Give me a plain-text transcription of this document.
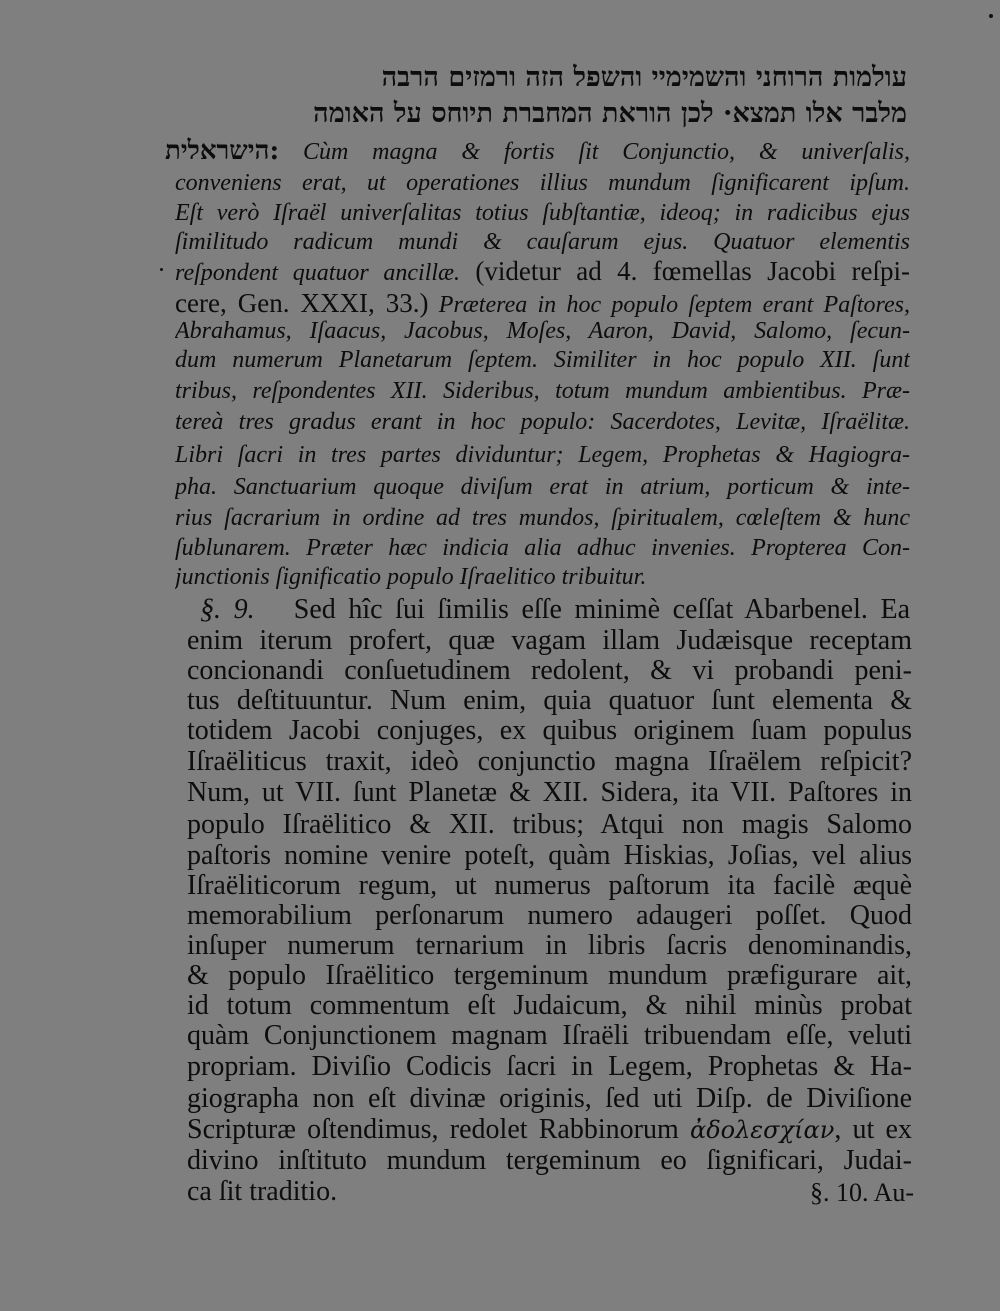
עולמות הרוחני והשמימיי והשפל הזה ורמזים הרבה
מלבר אלו תמצא· לכן הוראת המחברת תיוחס על האומה
הישראלית: Cùm magna & fortis ſit Conjunctio, & univerſalis,
conveniens erat, ut operationes illius mundum ſignificarent ipſum.
Eſt verò Iſraël univerſalitas totius ſubſtantiæ, ideoq; in radicibus ejus
ſimilitudo radicum mundi & cauſarum ejus. Quatuor elementis
reſpondent quatuor ancillæ. (videtur ad 4. fœmellas Jacobi reſpi-
cere, Gen. XXXI, 33.) Præterea in hoc populo ſeptem erant Paſtores,
Abrahamus, Iſaacus, Jacobus, Moſes, Aaron, David, Salomo, ſecun-
dum numerum Planetarum ſeptem. Similiter in hoc populo XII. ſunt
tribus, reſpondentes XII. Sideribus, totum mundum ambientibus. Præ-
tereà tres gradus erant in hoc populo: Sacerdotes, Levitæ, Iſraëlitæ.
Libri ſacri in tres partes dividuntur; Legem, Prophetas & Hagiogra-
pha. Sanctuarium quoque diviſum erat in atrium, porticum & inte-
rius ſacrarium in ordine ad tres mundos, ſpiritualem, cœleſtem & hunc
ſublunarem. Præter hæc indicia alia adhuc invenies. Propterea Con-
junctionis ſignificatio populo Iſraelitico tribuitur.
§. 9. Sed hîc ſui ſimilis eſſe minimè ceſſat Abarbenel. Ea
enim iterum profert, quæ vagam illam Judæisque receptam
concionandi conſuetudinem redolent, & vi probandi peni-
tus deſtituuntur. Num enim, quia quatuor ſunt elementa &
totidem Jacobi conjuges, ex quibus originem ſuam populus
Iſraëliticus traxit, ideò conjunctio magna Iſraëlem reſpicit?
Num, ut VII. ſunt Planetæ & XII. Sidera, ita VII. Paſtores in
populo Iſraëlitico & XII. tribus; Atqui non magis Salomo
paſtoris nomine venire poteſt, quàm Hiskias, Joſias, vel alius
Iſraëliticorum regum, ut numerus paſtorum ita facilè æquè
memorabilium perſonarum numero adaugeri poſſet. Quod
inſuper numerum ternarium in libris ſacris denominandis,
& populo Iſraëlitico tergeminum mundum præfigurare ait,
id totum commentum eſt Judaicum, & nihil minùs probat
quàm Conjunctionem magnam Iſraëli tribuendam eſſe, veluti
propriam. Diviſio Codicis ſacri in Legem, Prophetas & Ha-
giographa non eſt divinæ originis, ſed uti Diſp. de Diviſione
Scripturæ oſtendimus, redolet Rabbinorum ἀδολεσχίαν, ut ex
divino inſtituto mundum tergeminum eo ſignificari, Judai-
ca ſit traditio.	§. 10. Au-
